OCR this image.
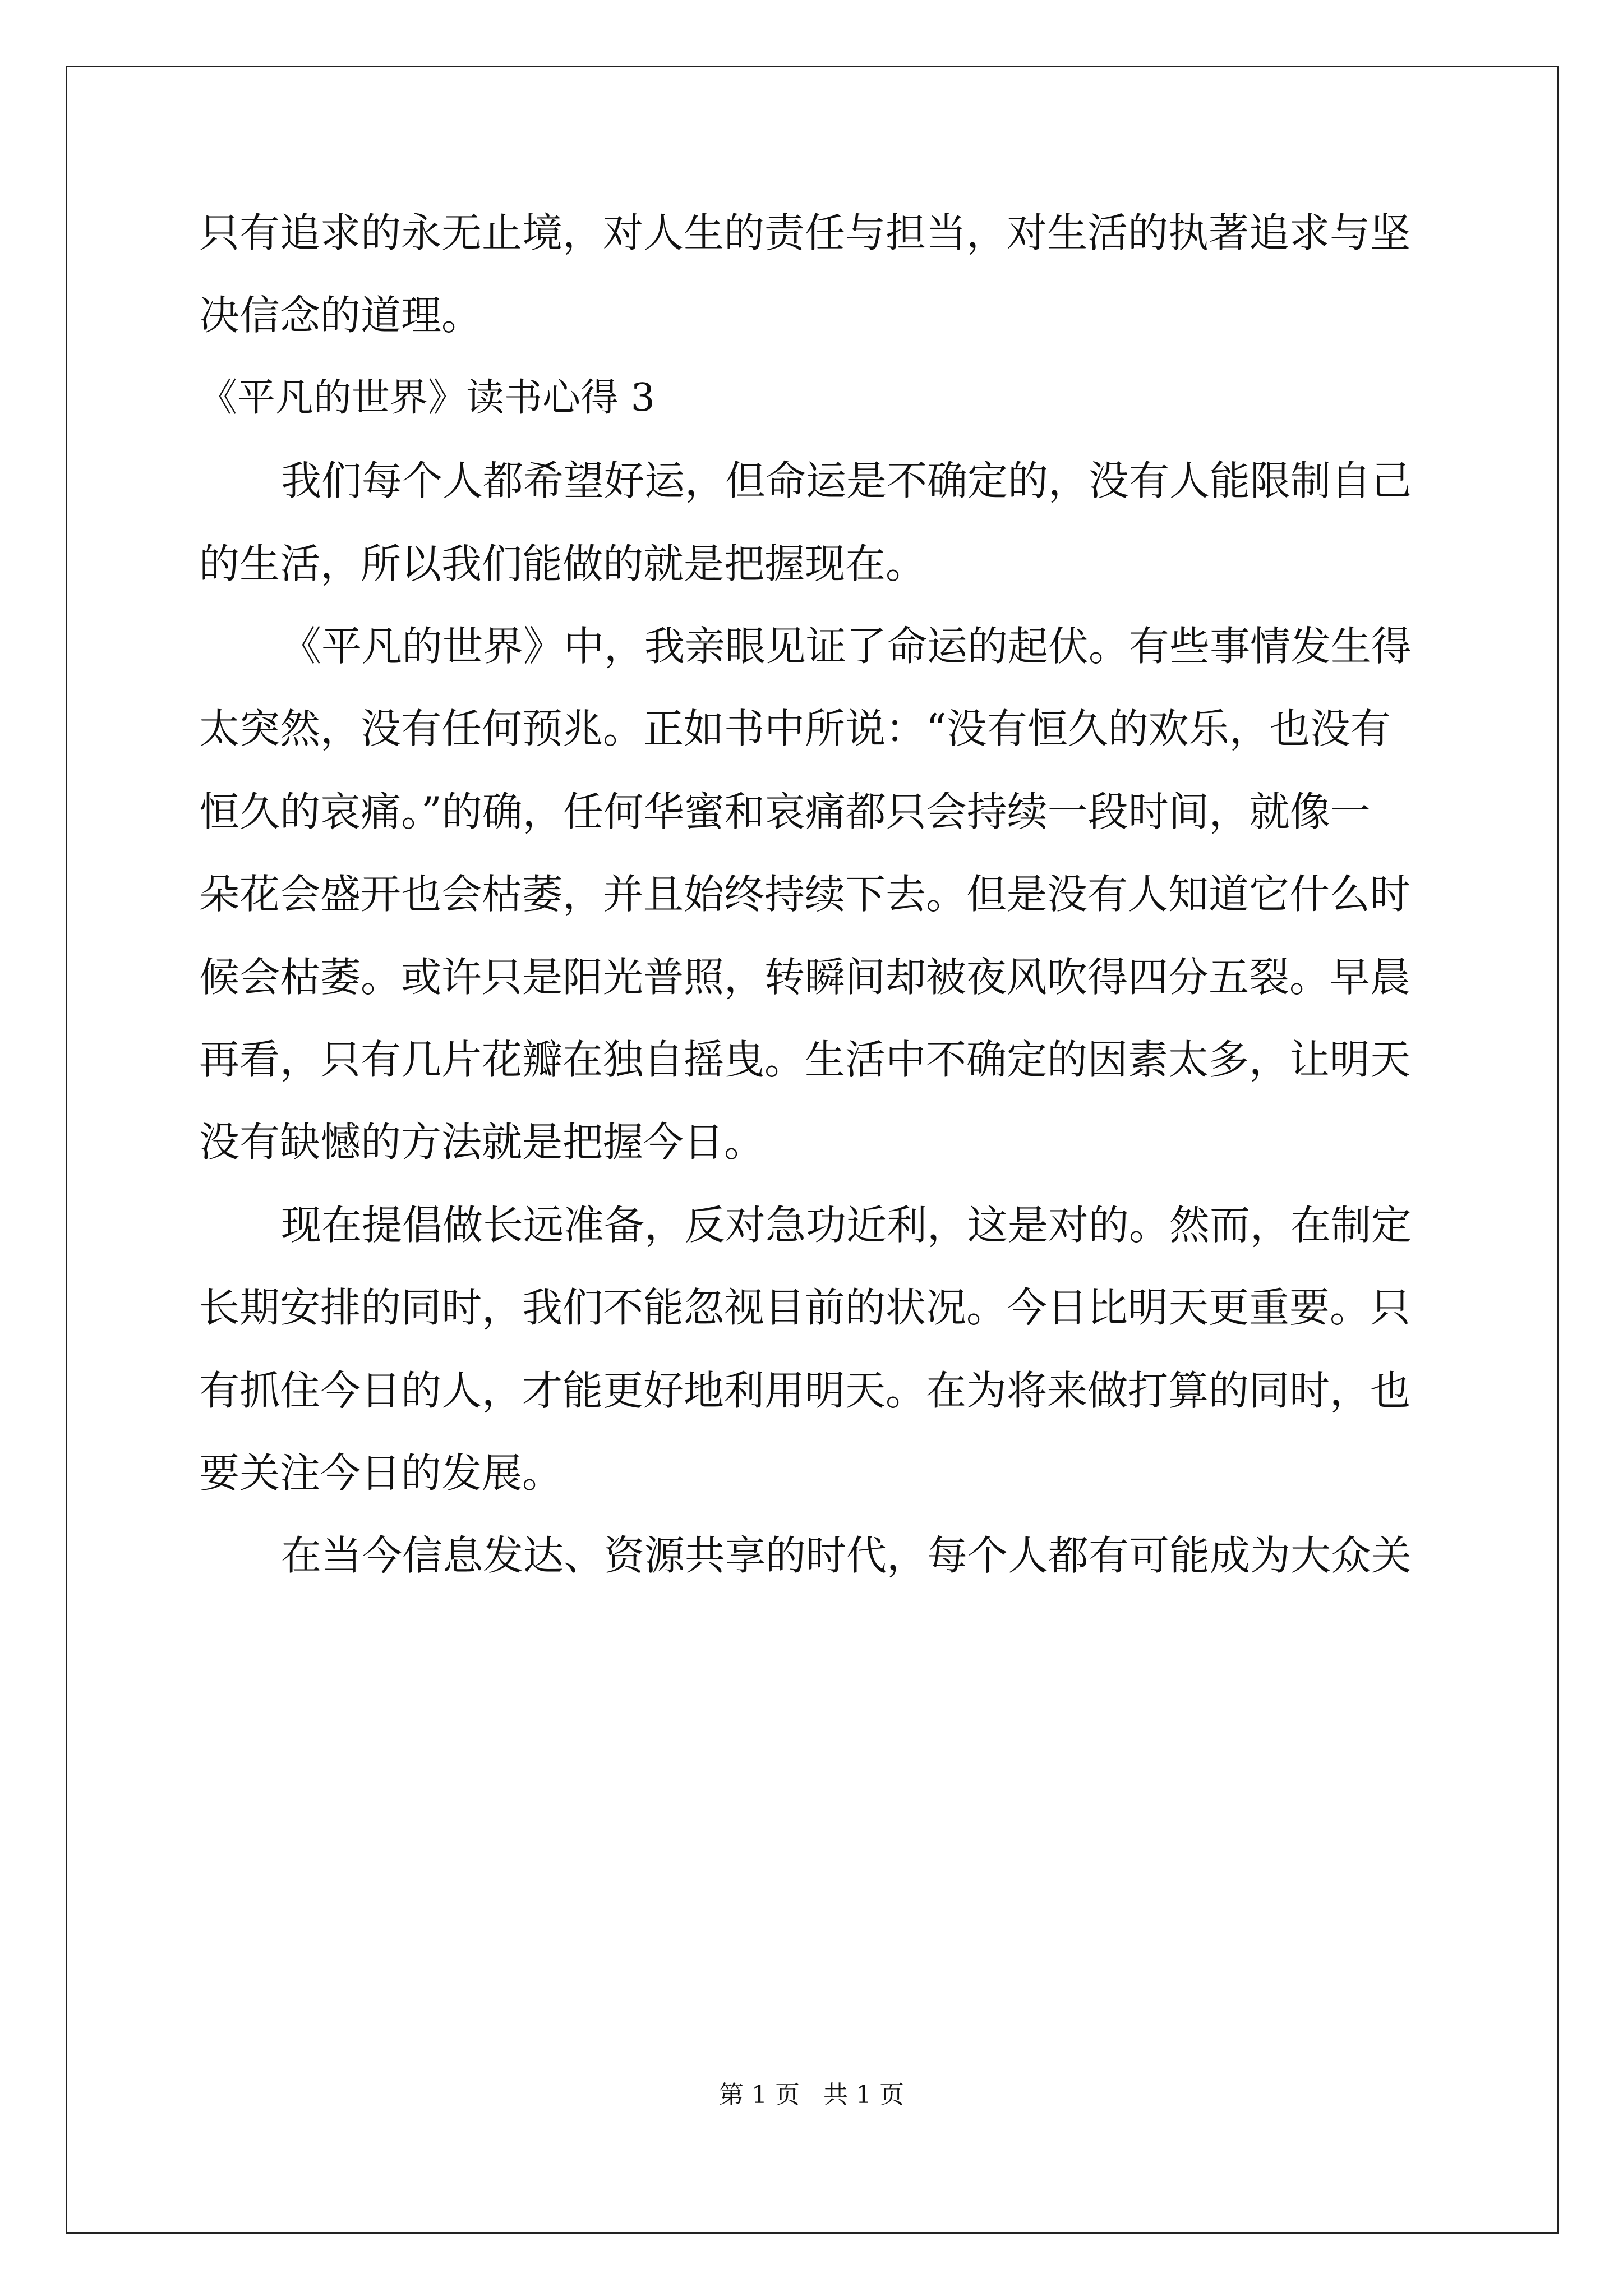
只有追求的永无止境，对人生的责任与担当，对生活的执著追求与坚
决信念的道理。
《平凡的世界》读书心得 3
我们每个人都希望好运，但命运是不确定的，没有人能限制自己
的生活，所以我们能做的就是把握现在。
《平凡的世界》中，我亲眼见证了命运的起伏。有些事情发生得
太突然，没有任何预兆。正如书中所说：“没有恒久的欢乐，也没有
恒久的哀痛。”的确，任何华蜜和哀痛都只会持续一段时间，就像一
朵花会盛开也会枯萎，并且始终持续下去。但是没有人知道它什么时
候会枯萎。或许只是阳光普照，转瞬间却被夜风吹得四分五裂。早晨
再看，只有几片花瓣在独自摇曳。生活中不确定的因素太多，让明天
没有缺憾的方法就是把握今日。
现在提倡做长远准备，反对急功近利，这是对的。然而，在制定
长期安排的同时，我们不能忽视目前的状况。今日比明天更重要。只
有抓住今日的人，才能更好地利用明天。在为将来做打算的同时，也
要关注今日的发展。
在当今信息发达、资源共享的时代，每个人都有可能成为大众关
第 1 页   共 1 页
